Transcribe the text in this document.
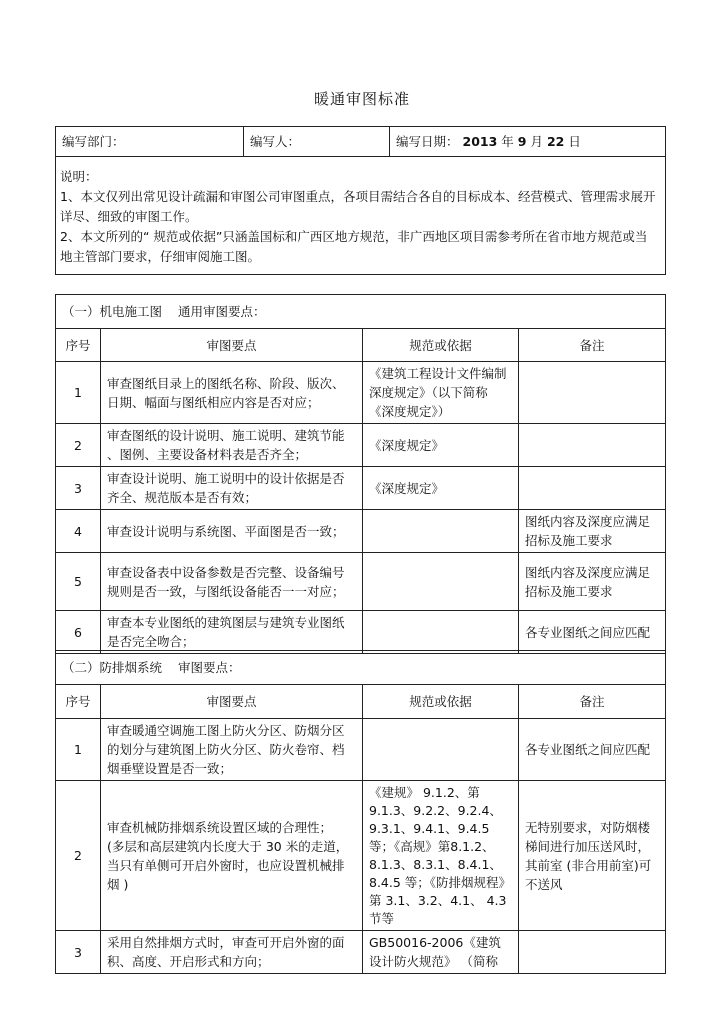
暖通审图标准
编写部门：	编写人：	编写日期： 2013 年 9 月 22 日

说明：
1、本文仅列出常见设计疏漏和审图公司审图重点，各项目需结合各自的目标成本、经营模式、管理需求展开详尽、细致的审图工作。
2、本文所列的“ 规范或依据”只涵盖国标和广西区地方规范，非广西地区项目需参考所在省市地方规范或当地主管部门要求，仔细审阅施工图。
（一）机电施工图 通用审图要点：			
序号	审图要点	规范或依据	备注
1	审查图纸目录上的图纸名称、阶段、版次、日期、幅面与图纸相应内容是否对应；	《建筑工程设计文件编制深度规定》（以下简称《深度规定》）	
2	审查图纸的设计说明、施工说明、建筑节能 、图例、主要设备材料表是否齐全；	《深度规定》	
3	审查设计说明、施工说明中的设计依据是否 齐全、规范版本是否有效；	《深度规定》	
4	审查设计说明与系统图、平面图是否一致；		图纸内容及深度应满足招标及施工要求
5	审查设备表中设备参数是否完整、设备编号规则是否一致，与图纸设备能否一一对应；		图纸内容及深度应满足招标及施工要求
6	审查本专业图纸的建筑图层与建筑专业图纸是否完全吻合；		各专业图纸之间应匹配
（二）防排烟系统 审图要点：			
序号	审图要点	规范或依据	备注
1	审查暖通空调施工图上防火分区、防烟分区的划分与建筑图上防火分区、防火卷帘、档烟垂壁设置是否一致；		各专业图纸之间应匹配
2	审查机械防排烟系统设置区域的合理性；
(多层和高层建筑内长度大于 30 米的走道，当只有单侧可开启外窗时，也应设置机械排烟 )	《建规》 9.1.2、第 9.1.3、9.2.2、9.2.4、9.3.1、9.4.1、9.4.5 等；《高规》第8.1.2、8.1.3、8.3.1、8.4.1、8.4.5 等；《防排烟规程》第 3.1、3.2、4.1、 4.3 节等	无特别要求，对防烟楼梯间进行加压送风时，其前室 (非合用前室)可不送风
3	采用自然排烟方式时，审查可开启外窗的面积、高度、开启形式和方向；	GB50016-2006《建筑设计防火规范》 （简称	
